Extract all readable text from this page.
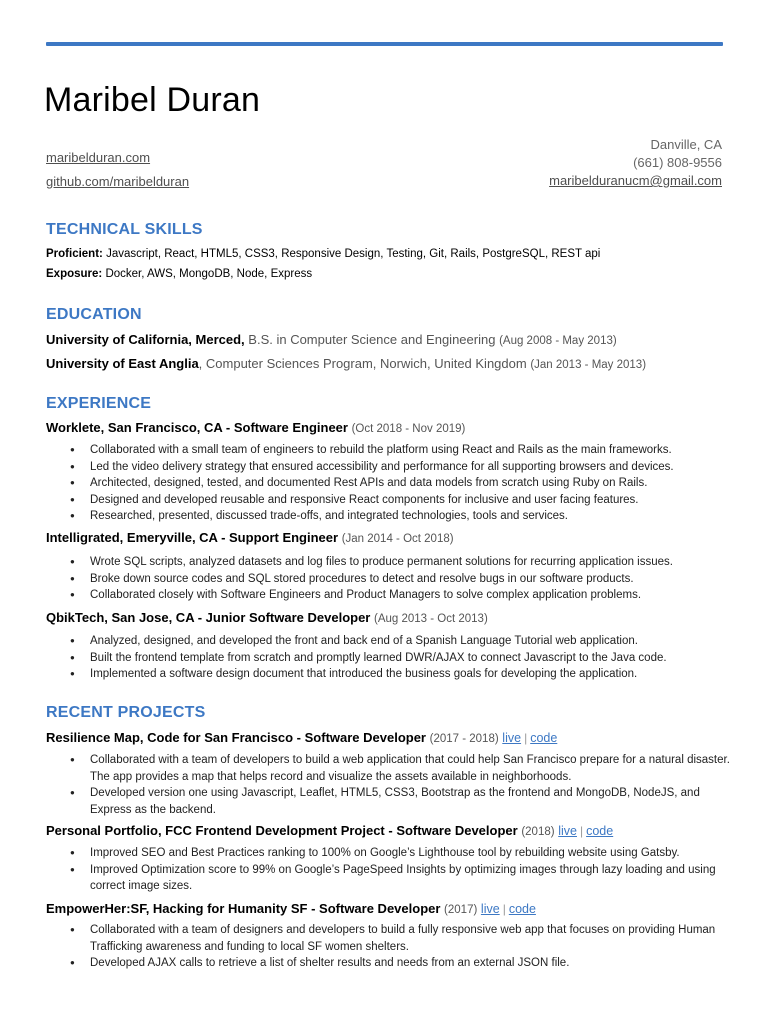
Maribel Duran
maribelduran.com
github.com/maribelduran
Danville, CA
(661) 808-9556
maribelduranucm@gmail.com
TECHNICAL SKILLS
Proficient: Javascript, React, HTML5, CSS3, Responsive Design, Testing, Git, Rails, PostgreSQL, REST api
Exposure: Docker, AWS, MongoDB, Node, Express
EDUCATION
University of California, Merced, B.S. in Computer Science and Engineering (Aug 2008 - May 2013)
University of East Anglia, Computer Sciences Program, Norwich, United Kingdom (Jan 2013 - May 2013)
EXPERIENCE
Worklete, San Francisco, CA - Software Engineer (Oct 2018 - Nov 2019)
● Collaborated with a small team of engineers to rebuild the platform using React and Rails as the main frameworks.
● Led the video delivery strategy that ensured accessibility and performance for all supporting browsers and devices.
● Architected, designed, tested, and documented Rest APIs and data models from scratch using Ruby on Rails.
● Designed and developed reusable and responsive React components for inclusive and user facing features.
● Researched, presented, discussed trade-offs, and integrated technologies, tools and services.
Intelligrated, Emeryville, CA - Support Engineer (Jan 2014 - Oct 2018)
● Wrote SQL scripts, analyzed datasets and log files to produce permanent solutions for recurring application issues.
● Broke down source codes and SQL stored procedures to detect and resolve bugs in our software products.
● Collaborated closely with Software Engineers and Product Managers to solve complex application problems.
QbikTech, San Jose, CA - Junior Software Developer (Aug 2013 - Oct 2013)
● Analyzed, designed, and developed the front and back end of a Spanish Language Tutorial web application.
● Built the frontend template from scratch and promptly learned DWR/AJAX to connect Javascript to the Java code.
● Implemented a software design document that introduced the business goals for developing the application.
RECENT PROJECTS
Resilience Map, Code for San Francisco - Software Developer (2017 - 2018) live | code
● Collaborated with a team of developers to build a web application that could help San Francisco prepare for a natural disaster. The app provides a map that helps record and visualize the assets available in neighborhoods.
● Developed version one using Javascript, Leaflet, HTML5, CSS3, Bootstrap as the frontend and MongoDB, NodeJS, and Express as the backend.
Personal Portfolio, FCC Frontend Development Project - Software Developer (2018) live | code
● Improved SEO and Best Practices ranking to 100% on Google’s Lighthouse tool by rebuilding website using Gatsby.
● Improved Optimization score to 99% on Google’s PageSpeed Insights by optimizing images through lazy loading and using correct image sizes.
EmpowerHer:SF, Hacking for Humanity SF - Software Developer (2017) live | code
● Collaborated with a team of designers and developers to build a fully responsive web app that focuses on providing Human Trafficking awareness and funding to local SF women shelters.
● Developed AJAX calls to retrieve a list of shelter results and needs from an external JSON file.
